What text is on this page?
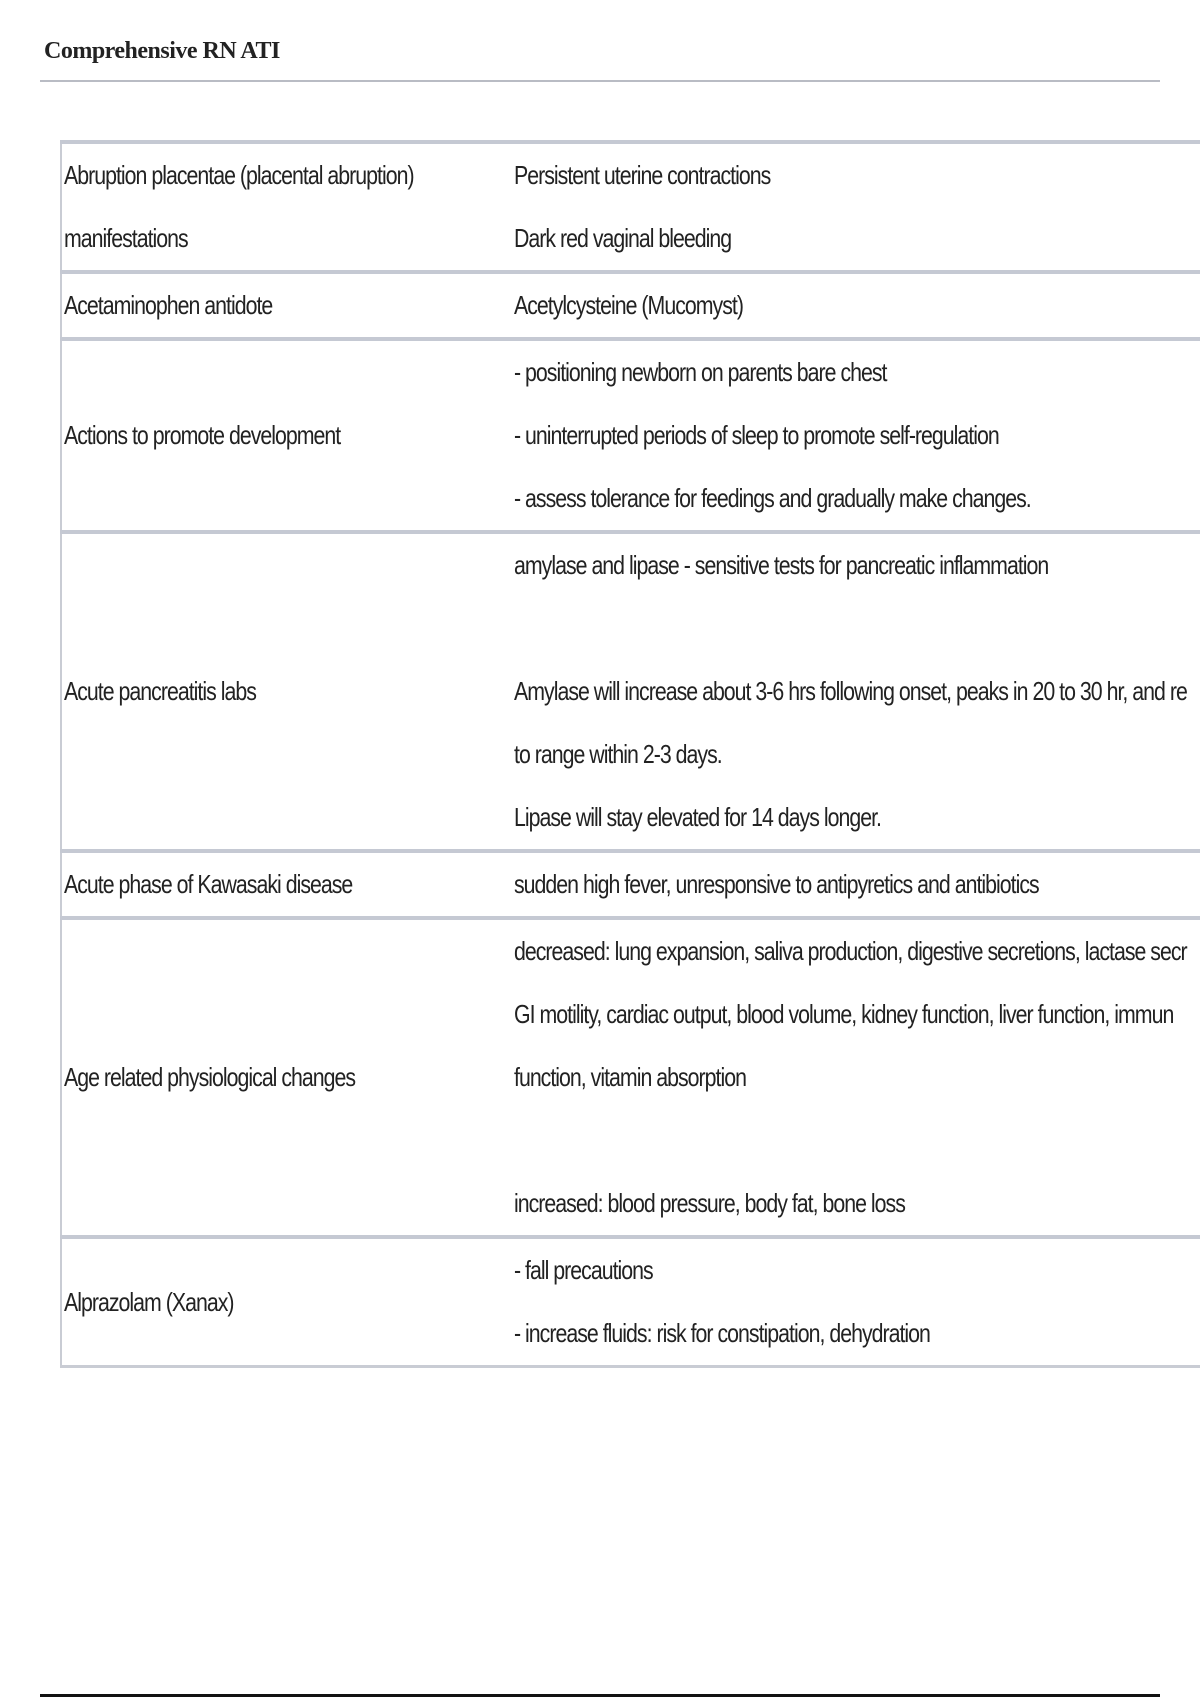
Comprehensive RN ATI
Abruption placentae (placental abruption)
manifestations	Persistent uterine contractions
Dark red vaginal bleeding

Acetaminophen antidote	Acetylcysteine (Mucomyst)

Actions to promote development	- positioning newborn on parents bare chest
- uninterrupted periods of sleep to promote self-regulation
- assess tolerance for feedings and gradually make changes.

Acute pancreatitis labs	amylase and lipase - sensitive tests for pancreatic inflammation
Amylase will increase about 3-6 hrs following onset, peaks in 20 to 30 hr, and re
to range within 2-3 days.
Lipase will stay elevated for 14 days longer.

Acute phase of Kawasaki disease	sudden high fever, unresponsive to antipyretics and antibiotics

Age related physiological changes	decreased: lung expansion, saliva production, digestive secretions, lactase secr
GI motility, cardiac output, blood volume, kidney function, liver function, immun
function, vitamin absorption
increased: blood pressure, body fat, bone loss

Alprazolam (Xanax)	- fall precautions
- increase fluids: risk for constipation, dehydration
